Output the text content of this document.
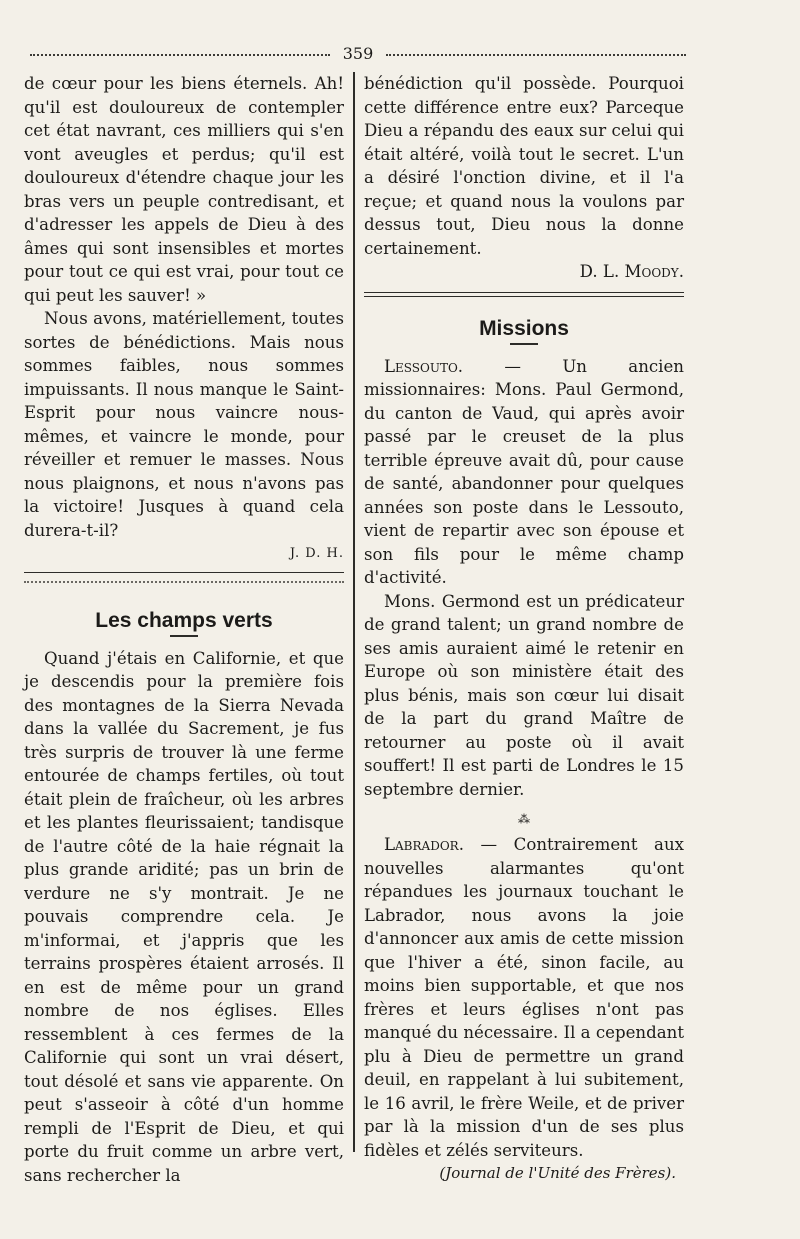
359

de cœur pour les biens éternels. Ah! qu'il est douloureux de contempler cet état navrant, ces milliers qui s'en vont aveugles et perdus; qu'il est douloureux d'étendre chaque jour les bras vers un peuple contredisant, et d'adresser les appels de Dieu à des âmes qui sont insensibles et mortes pour tout ce qui est vrai, pour tout ce qui peut les sauver! »

Nous avons, matériellement, toutes sortes de bénédictions. Mais nous sommes faibles, nous sommes impuissants. Il nous manque le Saint-Esprit pour nous vaincre nous-mêmes, et vaincre le monde, pour réveiller et remuer le masses. Nous nous plaignons, et nous n'avons pas la victoire! Jusques à quand cela durera-t-il?

J. D. H.
Les champs verts

Quand j'étais en Californie, et que je descendis pour la première fois des montagnes de la Sierra Nevada dans la vallée du Sacrement, je fus très surpris de trouver là une ferme entourée de champs fertiles, où tout était plein de fraîcheur, où les arbres et les plantes fleurissaient; tandisque de l'autre côté de la haie régnait la plus grande aridité; pas un brin de verdure ne s'y montrait. Je ne pouvais comprendre cela. Je m'informai, et j'appris que les terrains prospères étaient arrosés. Il en est de même pour un grand nombre de nos églises. Elles ressemblent à ces fermes de la Californie qui sont un vrai désert, tout désolé et sans vie apparente. On peut s'asseoir à côté d'un homme rempli de l'Esprit de Dieu, et qui porte du fruit comme un arbre vert, sans rechercher la

bénédiction qu'il possède. Pourquoi cette différence entre eux? Parceque Dieu a répandu des eaux sur celui qui était altéré, voilà tout le secret. L'un a désiré l'onction divine, et il l'a reçue; et quand nous la voulons par dessus tout, Dieu nous la donne certainement.

D. L. Moody.
Missions

Lessouto. — Un ancien missionnaires: Mons. Paul Germond, du canton de Vaud, qui après avoir passé par le creuset de la plus terrible épreuve avait dû, pour cause de santé, abandonner pour quelques années son poste dans le Lessouto, vient de repartir avec son épouse et son fils pour le même champ d'activité.

Mons. Germond est un prédicateur de grand talent; un grand nombre de ses amis auraient aimé le retenir en Europe où son ministère était des plus bénis, mais son cœur lui disait de la part du grand Maître de retourner au poste où il avait souffert! Il est parti de Londres le 15 septembre dernier.

⁂

Labrador. — Contrairement aux nouvelles alarmantes qu'ont répandues les journaux touchant le Labrador, nous avons la joie d'annoncer aux amis de cette mission que l'hiver a été, sinon facile, au moins bien supportable, et que nos frères et leurs églises n'ont pas manqué du nécessaire. Il a cependant plu à Dieu de permettre un grand deuil, en rappelant à lui subitement, le 16 avril, le frère Weile, et de priver par là la mission d'un de ses plus fidèles et zélés serviteurs.

(Journal de l'Unité des Frères).
